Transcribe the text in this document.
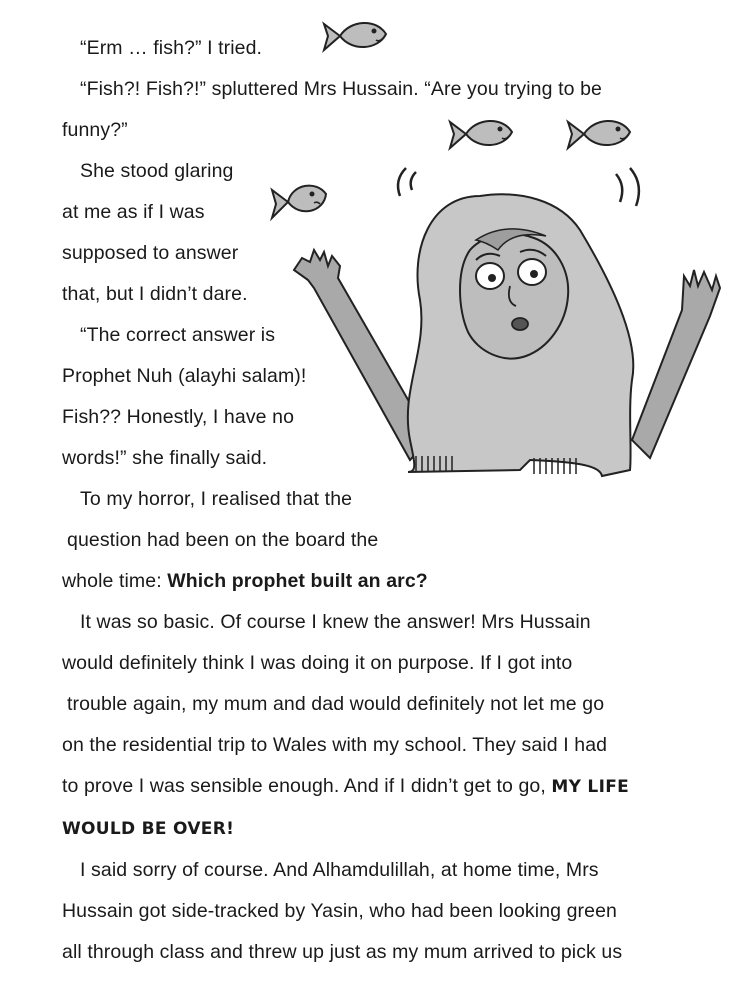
“Erm … fish?” I tried.
“Fish?! Fish?!” spluttered Mrs Hussain. “Are you trying to be
funny?”
She stood glaring
at me as if I was
supposed to answer
that, but I didn’t dare.
“The correct answer is
Prophet Nuh (alayhi salam)!
Fish?? Honestly, I have no
words!” she finally said.
To my horror, I realised that the
question had been on the board the
whole time: Which prophet built an arc?
It was so basic. Of course I knew the answer! Mrs Hussain
would definitely think I was doing it on purpose. If I got into
trouble again, my mum and dad would definitely not let me go
on the residential trip to Wales with my school. They said I had
to prove I was sensible enough. And if I didn’t get to go, MY LIFE
WOULD BE OVER!
I said sorry of course. And Alhamdulillah, at home time, Mrs
Hussain got side-tracked by Yasin, who had been looking green
all through class and threw up just as my mum arrived to pick us
